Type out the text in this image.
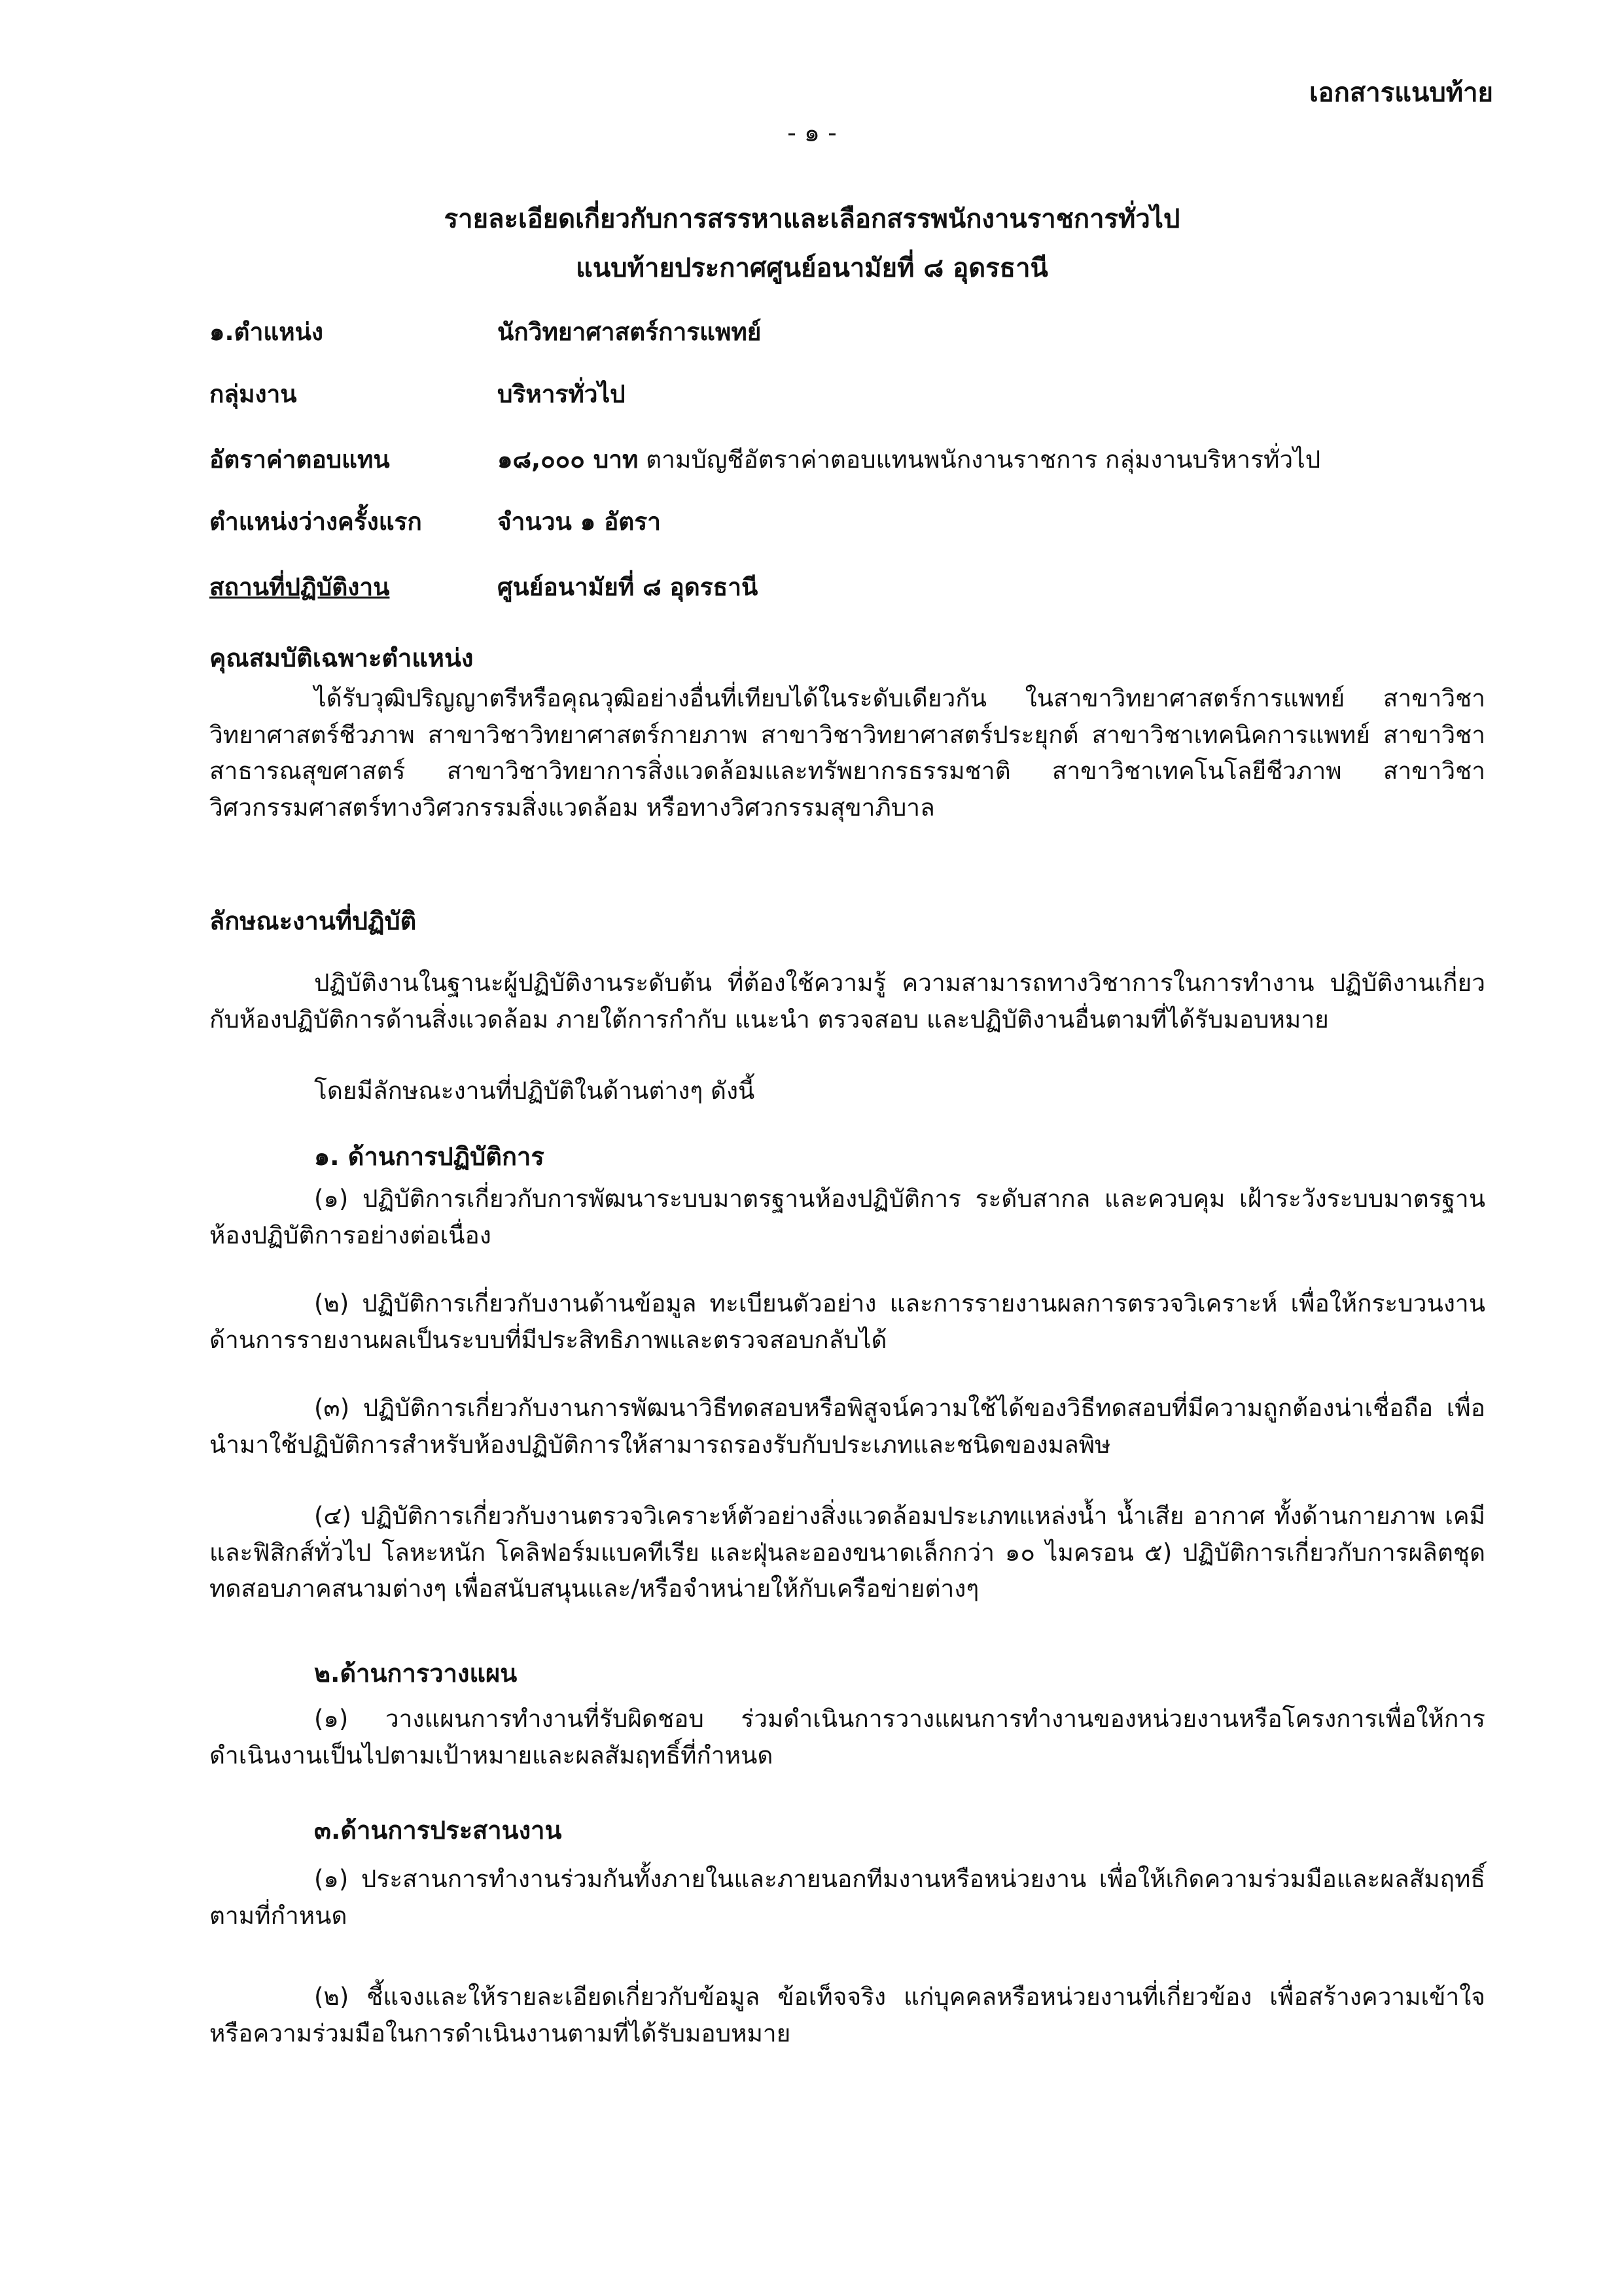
เอกสารแนบท้าย
- ๑ -
รายละเอียดเกี่ยวกับการสรรหาและเลือกสรรพนักงานราชการทั่วไป
แนบท้ายประกาศศูนย์อนามัยที่ ๘ อุดรธานี
๑.ตำแหน่ง	นักวิทยาศาสตร์การแพทย์
กลุ่มงาน	บริหารทั่วไป
อัตราค่าตอบแทน	๑๘,๐๐๐ บาท ตามบัญชีอัตราค่าตอบแทนพนักงานราชการ กลุ่มงานบริหารทั่วไป
ตำแหน่งว่างครั้งแรก	จำนวน ๑ อัตรา
สถานที่ปฏิบัติงาน	ศูนย์อนามัยที่ ๘ อุดรธานี
คุณสมบัติเฉพาะตำแหน่ง
ได้รับวุฒิปริญญาตรีหรือคุณวุฒิอย่างอื่นที่เทียบได้ในระดับเดียวกัน ในสาขาวิทยาศาสตร์การแพทย์ สาขาวิชาวิทยาศาสตร์ชีวภาพ สาขาวิชาวิทยาศาสตร์กายภาพ สาขาวิชาวิทยาศาสตร์ประยุกต์ สาขาวิชาเทคนิคการแพทย์ สาขาวิชาสาธารณสุขศาสตร์ สาขาวิชาวิทยาการสิ่งแวดล้อมและทรัพยากรธรรมชาติ สาขาวิชาเทคโนโลยีชีวภาพ สาขาวิชาวิศวกรรมศาสตร์ทางวิศวกรรมสิ่งแวดล้อม หรือทางวิศวกรรมสุขาภิบาล
ลักษณะงานที่ปฏิบัติ
ปฏิบัติงานในฐานะผู้ปฏิบัติงานระดับต้น ที่ต้องใช้ความรู้ ความสามารถทางวิชาการในการทำงาน ปฏิบัติงานเกี่ยวกับห้องปฏิบัติการด้านสิ่งแวดล้อม ภายใต้การกำกับ แนะนำ ตรวจสอบ และปฏิบัติงานอื่นตามที่ได้รับมอบหมาย
โดยมีลักษณะงานที่ปฏิบัติในด้านต่างๆ ดังนี้
๑. ด้านการปฏิบัติการ
(๑) ปฏิบัติการเกี่ยวกับการพัฒนาระบบมาตรฐานห้องปฏิบัติการ ระดับสากล และควบคุม เฝ้าระวังระบบมาตรฐานห้องปฏิบัติการอย่างต่อเนื่อง
(๒) ปฏิบัติการเกี่ยวกับงานด้านข้อมูล ทะเบียนตัวอย่าง และการรายงานผลการตรวจวิเคราะห์ เพื่อให้กระบวนงานด้านการรายงานผลเป็นระบบที่มีประสิทธิภาพและตรวจสอบกลับได้
(๓) ปฏิบัติการเกี่ยวกับงานการพัฒนาวิธีทดสอบหรือพิสูจน์ความใช้ได้ของวิธีทดสอบที่มีความถูกต้องน่าเชื่อถือ เพื่อนำมาใช้ปฏิบัติการสำหรับห้องปฏิบัติการให้สามารถรองรับกับประเภทและชนิดของมลพิษ
(๔) ปฏิบัติการเกี่ยวกับงานตรวจวิเคราะห์ตัวอย่างสิ่งแวดล้อมประเภทแหล่งน้ำ น้ำเสีย อากาศ ทั้งด้านกายภาพ เคมีและฟิสิกส์ทั่วไป โลหะหนัก โคลิฟอร์มแบคทีเรีย และฝุ่นละอองขนาดเล็กกว่า ๑๐ ไมครอน ๕) ปฏิบัติการเกี่ยวกับการผลิตชุดทดสอบภาคสนามต่างๆ เพื่อสนับสนุนและ/หรือจำหน่ายให้กับเครือข่ายต่างๆ
๒.ด้านการวางแผน
(๑) วางแผนการทำงานที่รับผิดชอบ ร่วมดำเนินการวางแผนการทำงานของหน่วยงานหรือโครงการเพื่อให้การดำเนินงานเป็นไปตามเป้าหมายและผลสัมฤทธิ์ที่กำหนด
๓.ด้านการประสานงาน
(๑) ประสานการทำงานร่วมกันทั้งภายในและภายนอกทีมงานหรือหน่วยงาน เพื่อให้เกิดความร่วมมือและผลสัมฤทธิ์ตามที่กำหนด
(๒) ชี้แจงและให้รายละเอียดเกี่ยวกับข้อมูล ข้อเท็จจริง แก่บุคคลหรือหน่วยงานที่เกี่ยวข้อง เพื่อสร้างความเข้าใจหรือความร่วมมือในการดำเนินงานตามที่ได้รับมอบหมาย
